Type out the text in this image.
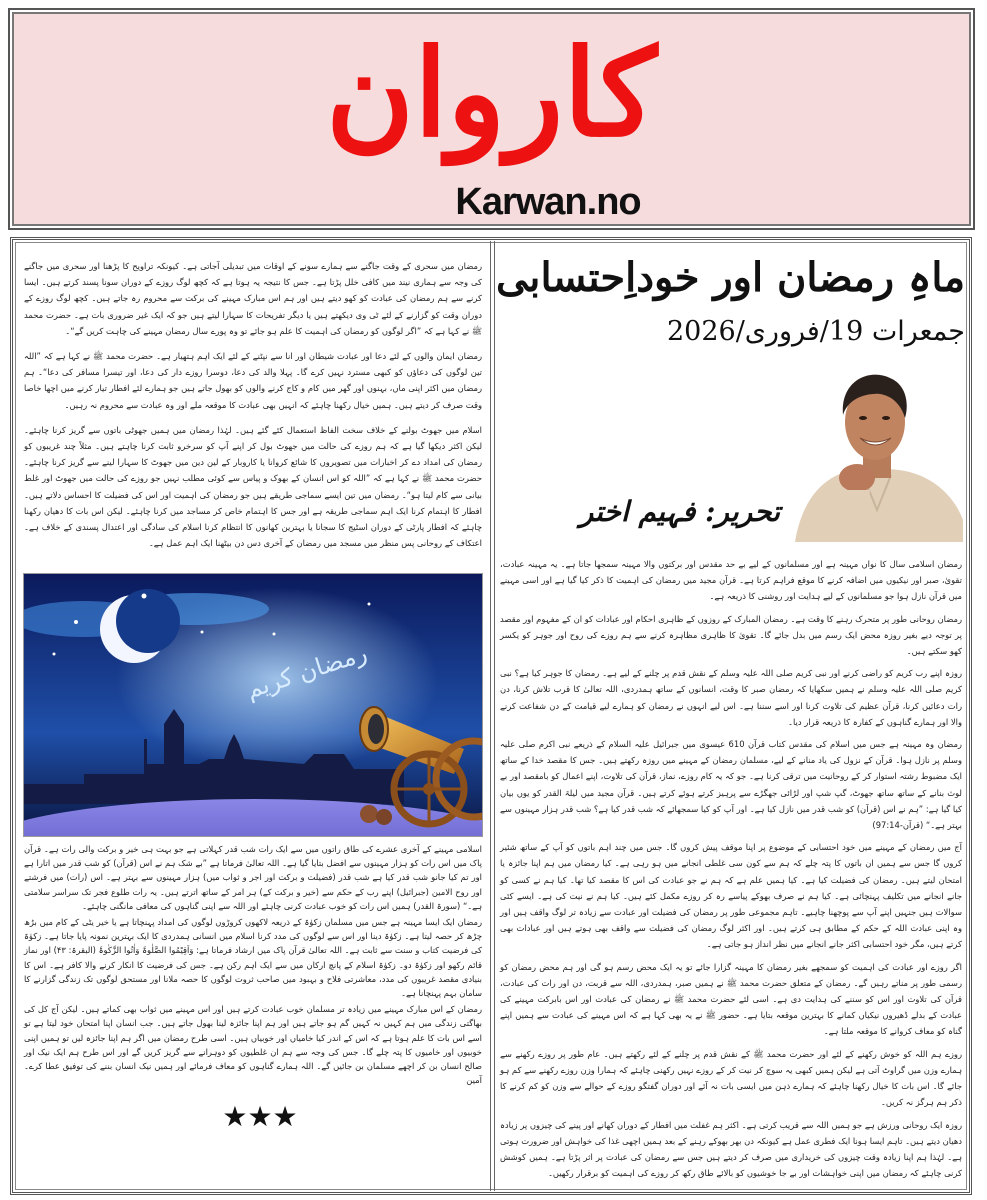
کاروان
Karwan.no
ماہِ رمضان اور خوداِحتسابی
جمعرات 19/فروری/2026
تحریر: فہیم اختر

رمضان میں سحری کے وقت جاگنے سے ہمارے سونے کے اوقات میں تبدیلی آجاتی ہے۔ کیونکہ تراویح کا پڑھنا اور سحری میں جاگنے کی وجہ سے ہماری نیند میں کافی خلل پڑتا ہے۔ جس کا نتیجہ یہ ہوتا ہے کہ کچھ لوگ روزے کے دوران سونا پسند کرتے ہیں۔ ایسا کرنے سے ہم رمضان کی عبادت کو کھو دیتے ہیں اور ہم اس مبارک مہینے کی برکت سے محروم رہ جاتے ہیں۔ کچھ لوگ روزے کے دوران وقت کو گزارنے کے لئے ٹی وی دیکھتے ہیں یا دیگر تفریحات کا سہارا لیتے ہیں جو کہ ایک غیر ضروری بات ہے۔ حضرت محمد ﷺ نے کہا ہے کہ ”اگر لوگوں کو رمضان کی اہمیت کا علم ہو جائے تو وہ پورے سال رمضان مہینے کی چاہت کریں گے“۔

رمضان ایمان والوں کے لئے دعا اور عبادت شیطان اور انا سے نپٹنے کے لئے ایک اہم ہتھیار ہے۔ حضرت محمد ﷺ نے کہا ہے کہ ”اللہ تین لوگوں کی دعاؤں کو کبھی مسترد نہیں کرے گا۔ پہلا والد کی دعا، دوسرا روزے دار کی دعا، اور تیسرا مسافر کی دعا“۔ ہم رمضان میں اکثر اپنی ماں، بہنوں اور گھر میں کام و کاج کرنے والوں کو بھول جاتے ہیں جو ہمارے لئے افطار تیار کرنے میں اچھا خاصا وقت صرف کر دیتے ہیں۔ ہمیں خیال رکھنا چاہئے کہ انہیں بھی عبادت کا موقعہ ملے اور وہ عبادت سے محروم نہ رہیں۔

اسلام میں جھوٹ بولنے کے خلاف سخت الفاظ استعمال کئے گئے ہیں۔ لہٰذا رمضان میں ہمیں جھوٹی باتوں سے گریز کرنا چاہئے۔ لیکن اکثر دیکھا گیا ہے کہ ہم روزے کی حالت میں جھوٹ بول کر اپنے آپ کو سرخرو ثابت کرنا چاہتے ہیں۔ مثلاً چند غریبوں کو رمضان کی امداد دے کر اخبارات میں تصویروں کا شائع کروانا یا کاروبار کے لین دین میں جھوٹ کا سہارا لینے سے گریز کرنا چاہئے۔ حضرت محمد ﷺ نے کہا ہے کہ ”اللہ کو اس انسان کے بھوک و پیاس سے کوئی مطلب نہیں جو روزے کی حالت میں جھوٹ اور غلط بیانی سے کام لیتا ہو“۔ رمضان میں تین ایسے سماجی طریقے ہیں جو رمضان کی اہمیت اور اس کی فضیلت کا احساس دلاتے ہیں۔ افطار کا اہتمام کرنا ایک اہم سماجی طریقہ ہے اور جس کا اہتمام خاص کر مساجد میں کرنا چاہئے۔ لیکن اس بات کا دھیان رکھنا چاہئے کہ افطار پارٹی کے دوران اسٹیج کا سجانا یا بہترین کھانوں کا انتظام کرنا اسلام کی سادگی اور اعتدال پسندی کے خلاف ہے۔ اعتکاف کے روحانی پس منظر میں مسجد میں رمضان کے آخری دس دن بیٹھنا ایک اہم عمل ہے۔

رمضان کریم

اسلامی مہینے کے آخری عشرے کی طاق راتوں میں سے ایک رات شب قدر کہلاتی ہے جو بہت ہی خیر و برکت والی رات ہے۔ قرآن پاک میں اس رات کو ہزار مہینوں سے افضل بتایا گیا ہے۔ اللہ تعالیٰ فرماتا ہے ”بے شک ہم نے اس (قرآن) کو شب قدر میں اتارا ہے اور تم کیا جانو شب قدر کیا ہے شب قدر (فضیلت و برکت اور اجر و ثواب میں) ہزار مہینوں سے بہتر ہے۔ اس (رات) میں فرشتے اور روح الامین (جبرائیل) اپنے رب کے حکم سے (خیر و برکت کے) ہر امر کے ساتھ اترتے ہیں۔ یہ رات طلوع فجر تک سراسر سلامتی ہے۔“ (سورۃ القدر) ہمیں اس رات کو خوب عبادت کرنی چاہئے اور اللہ سے اپنی گناہوں کی معافی مانگنی چاہئے۔

رمضان ایک ایسا مہینہ ہے جس میں مسلمان زکوٰۃ کے ذریعہ لاکھوں کروڑوں لوگوں کی امداد پہنچاتا ہے یا خیر یٹی کے کام میں بڑھ چڑھ کر حصہ لیتا ہے۔ زکوٰۃ دینا اور اس سے لوگوں کی مدد کرنا اسلام میں انسانی ہمدردی کا ایک بہترین نمونہ پایا جاتا ہے۔ زکوٰۃ کی فرضیت کتاب و سنت سے ثابت ہے۔ اللہ تعالیٰ قرآن پاک میں ارشاد فرماتا ہے: وَاَقِیْمُوا الصَّلٰوۃَ وَاٰتُوا الزَّکٰوۃَ (البقرۃ: ۴۳) اور نماز قائم رکھو اور زکوٰۃ دو۔ زکوٰۃ اسلام کے پانچ ارکان میں سے ایک اہم رکن ہے۔ جس کی فرضیت کا انکار کرنے والا کافر ہے۔ اس کا بنیادی مقصد غریبوں کی مدد، معاشرتی فلاح و بہبود میں صاحب ثروت لوگوں کا حصہ ملانا اور مستحق لوگوں تک زندگی گزارنے کا سامان بہم پہنچانا ہے۔

رمضان کے اس مبارک مہینے میں زیادہ تر مسلمان خوب عبادت کرتے ہیں اور اس مہینے میں ثواب بھی کماتے ہیں۔ لیکن آج کل کی بھاگتی زندگی میں ہم کہیں نہ کہیں گم ہو جاتے ہیں اور ہم اپنا جائزہ لینا بھول جاتے ہیں۔ جب انسان اپنا امتحان خود لیتا ہے تو اسے اس بات کا علم ہوتا ہے کہ اس کے اندر کیا خامیاں اور خوبیاں ہیں۔ اسی طرح رمضان میں اگر ہم اپنا جائزہ لیں تو ہمیں اپنی خوبیوں اور خامیوں کا پتہ چلے گا۔ جس کی وجہ سے ہم ان غلطیوں کو دوہرانے سے گریز کریں گے اور اس طرح ہم ایک نیک اور صالح انسان بن کر اچھے مسلمان بن جائیں گے۔ اللہ ہمارے گناہوں کو معاف فرمائے اور ہمیں نیک انسان بننے کی توفیق عطا کرے۔ آمین

★★★

رمضان اسلامی سال کا نواں مہینہ ہے اور مسلمانوں کے لیے بے حد مقدس اور برکتوں والا مہینہ سمجھا جاتا ہے۔ یہ مہینہ عبادت، تقویٰ، صبر اور نیکیوں میں اضافہ کرنے کا موقع فراہم کرتا ہے۔ قرآن مجید میں رمضان کی اہمیت کا ذکر کیا گیا ہے اور اسی مہینے میں قرآن نازل ہوا جو مسلمانوں کے لیے ہدایت اور روشنی کا ذریعہ ہے۔

رمضان روحانی طور پر متحرک رہنے کا وقت ہے۔ رمضان المبارک کے روزوں کے ظاہری احکام اور عبادات کو ان کے مفہوم اور مقصد پر توجہ دیے بغیر روزہ محض ایک رسم میں بدل جائے گا۔ تقویٰ کا ظاہری مظاہرہ کرنے سے ہم روزے کی روح اور جوہر کو یکسر کھو سکتے ہیں۔

روزہ اپنے رب کریم کو راضی کرنے اور نبی کریم صلی اللہ علیہ وسلم کے نقش قدم پر چلنے کے لیے ہے۔ رمضان کا جوہر کیا ہے؟ نبی کریم صلی اللہ علیہ وسلم نے ہمیں سکھایا کہ رمضان صبر کا وقت، انسانوں کے ساتھ ہمدردی، اللہ تعالیٰ کا قرب تلاش کرنا، دن رات دعائیں کرنا، قرآن عظیم کی تلاوت کرنا اور اسے سننا ہے۔ اس لیے انہوں نے رمضان کو ہمارے لیے قیامت کے دن شفاعت کرنے والا اور ہمارے گناہوں کے کفارہ کا ذریعہ قرار دیا۔

رمضان وہ مہینہ ہے جس میں اسلام کی مقدس کتاب قرآن 610 عیسوی میں جبرائیل علیہ السلام کے ذریعے نبی اکرم صلی علیہ وسلم پر نازل ہوا۔ قرآن کے نزول کی یاد منانے کے لیے، مسلمان رمضان کے مہینے میں روزہ رکھتے ہیں۔ جس کا مقصد خدا کے ساتھ ایک مضبوط رشتہ استوار کر کے روحانیت میں ترقی کرنا ہے۔ جو کہ یہ کام روزے، نماز، قرآن کی تلاوت، اپنے اعمال کو بامقصد اور بے لوث بنانے کے ساتھ ساتھ جھوٹ، گپ شپ اور لڑائی جھگڑے سے پرہیز کرتے ہوئے کرتے ہیں۔ قرآن مجید میں لیلۃ القدر کو یوں بیان کیا گیا ہے: ”ہم نے اس (قرآن) کو شب قدر میں نازل کیا ہے۔ اور آپ کو کیا سمجھائے کہ شب قدر کیا ہے؟ شب قدر ہزار مہینوں سے بہتر ہے۔“ (قرآن-97:14)

آج میں رمضان کے مہینے میں خود احتسابی کے موضوع پر اپنا موقف پیش کروں گا۔ جس میں چند اہم باتوں کو آپ کے ساتھ شئیر کروں گا جس سے ہمیں ان باتوں کا پتہ چلے کہ ہم سے کون سی غلطی انجانے میں ہو رہی ہے۔ کیا رمضان میں ہم اپنا جائزہ یا امتحان لیتے ہیں۔ رمضان کی فضیلت کیا ہے۔ کیا ہمیں علم ہے کہ ہم نے جو عبادت کی اس کا مقصد کیا تھا۔ کیا ہم نے کسی کو جانے انجانے میں تکلیف پہنچائی ہے۔ کیا ہم نے صرف بھوکے پیاسے رہ کر روزے مکمل کئے ہیں۔ کیا ہم نے نیت کی ہے۔ ایسے کئی سوالات ہیں جنہیں اپنے آپ سے پوچھنا چاہیے۔ تاہم مجموعی طور پر رمضان کی فضیلت اور عبادت سے زیادہ تر لوگ واقف ہیں اور وہ اپنی عبادت اللہ کے حکم کے مطابق ہی کرتے ہیں۔ اور اکثر لوگ رمضان کی فضیلت سے واقف بھی ہوتے ہیں اور عبادات بھی کرتے ہیں، مگر خود احتسابی اکثر جانے انجانے میں نظر انداز ہو جاتی ہے۔

اگر روزے اور عبادت کی اہمیت کو سمجھے بغیر رمضان کا مہینہ گزارا جائے تو یہ ایک محض رسم ہو گی اور ہم محض رمضان کو رسمی طور پر مناتے رہیں گے۔ رمضان کے متعلق حضرت محمد ﷺ نے ہمیں صبر، ہمدردی، اللہ سے قربت، دن اور رات کی عبادت، قرآن کی تلاوت اور اس کو سننے کی ہدایت دی ہے۔ اسی لئے حضرت محمد ﷺ نے رمضان کی عبادت اور اس بابرکت مہینے کی عبادت کے بدلے ڈھیروں نیکیاں کمانے کا بہترین موقعہ بتایا ہے۔ حضور ﷺ نے یہ بھی کہا ہے کہ اس مہینے کی عبادت سے ہمیں اپنے گناہ کو معاف کروانے کا موقعہ ملتا ہے۔

روزے ہم اللہ کو خوش رکھنے کے لئے اور حضرت محمد ﷺ کے نقش قدم پر چلنے کے لئے رکھتے ہیں۔ عام طور پر روزے رکھنے سے ہمارے وزن میں گراوٹ آتی ہے لیکن ہمیں کبھی یہ سوچ کر نیت کر کے روزے نہیں رکھنی چاہئے کہ ہمارا وزن روزے رکھنے سے کم ہو جائے گا۔ اس بات کا خیال رکھنا چاہئے کہ ہمارے ذہن میں ایسی بات نہ آئے اور دوران گفتگو روزے کے حوالے سے وزن کو کم کرنے کا ذکر ہم ہرگز نہ کریں۔

روزہ ایک روحانی ورزش ہے جو ہمیں اللہ سے قریب کرتی ہے۔ اکثر ہم غفلت میں افطار کے دوران کھانے اور پینے کی چیزوں پر زیادہ دھیان دیتے ہیں۔ تاہم ایسا ہونا ایک فطری عمل ہے کیونکہ دن بھر بھوکے رہنے کے بعد ہمیں اچھی غذا کی خواہش اور ضرورت ہوتی ہے۔ لہٰذا ہم اپنا زیادہ وقت چیزوں کی خریداری میں صرف کر دیتے ہیں جس سے رمضان کی عبادت پر اثر پڑتا ہے۔ ہمیں کوشش کرنی چاہئے کہ رمضان میں اپنی خواہشات اور بے جا خوشیوں کو بالائے طاق رکھ کر روزے کی اہمیت کو برقرار رکھیں۔
